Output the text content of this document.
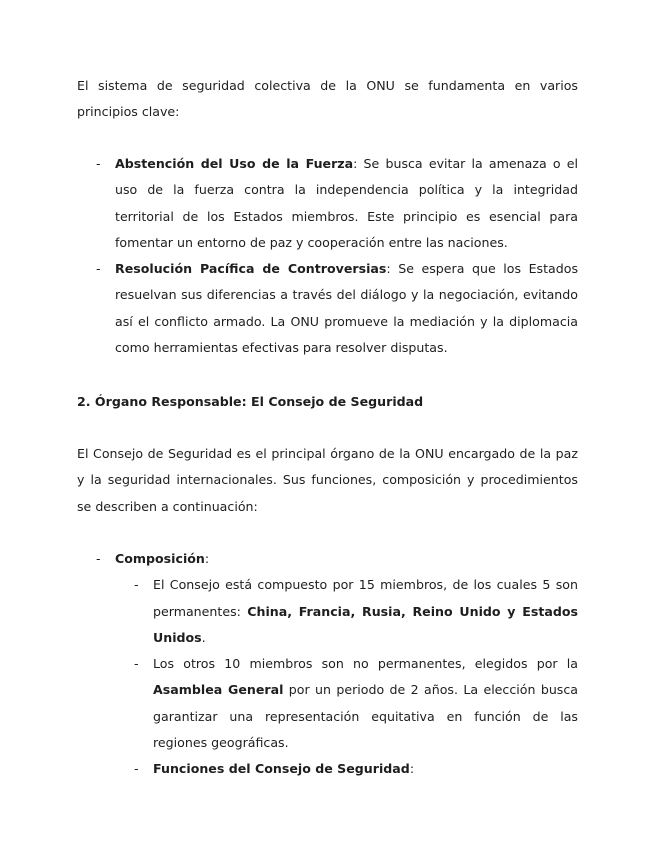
El sistema de seguridad colectiva de la ONU se fundamenta en varios principios clave:

- Abstención del Uso de la Fuerza: Se busca evitar la amenaza o el uso de la fuerza contra la independencia política y la integridad territorial de los Estados miembros. Este principio es esencial para fomentar un entorno de paz y cooperación entre las naciones.
- Resolución Pacífica de Controversias: Se espera que los Estados resuelvan sus diferencias a través del diálogo y la negociación, evitando así el conflicto armado. La ONU promueve la mediación y la diplomacia como herramientas efectivas para resolver disputas.

2. Órgano Responsable: El Consejo de Seguridad

El Consejo de Seguridad es el principal órgano de la ONU encargado de la paz y la seguridad internacionales. Sus funciones, composición y procedimientos se describen a continuación:

- Composición:
- El Consejo está compuesto por 15 miembros, de los cuales 5 son permanentes: China, Francia, Rusia, Reino Unido y Estados Unidos.
- Los otros 10 miembros son no permanentes, elegidos por la Asamblea General por un periodo de 2 años. La elección busca garantizar una representación equitativa en función de las regiones geográficas.
- Funciones del Consejo de Seguridad:
